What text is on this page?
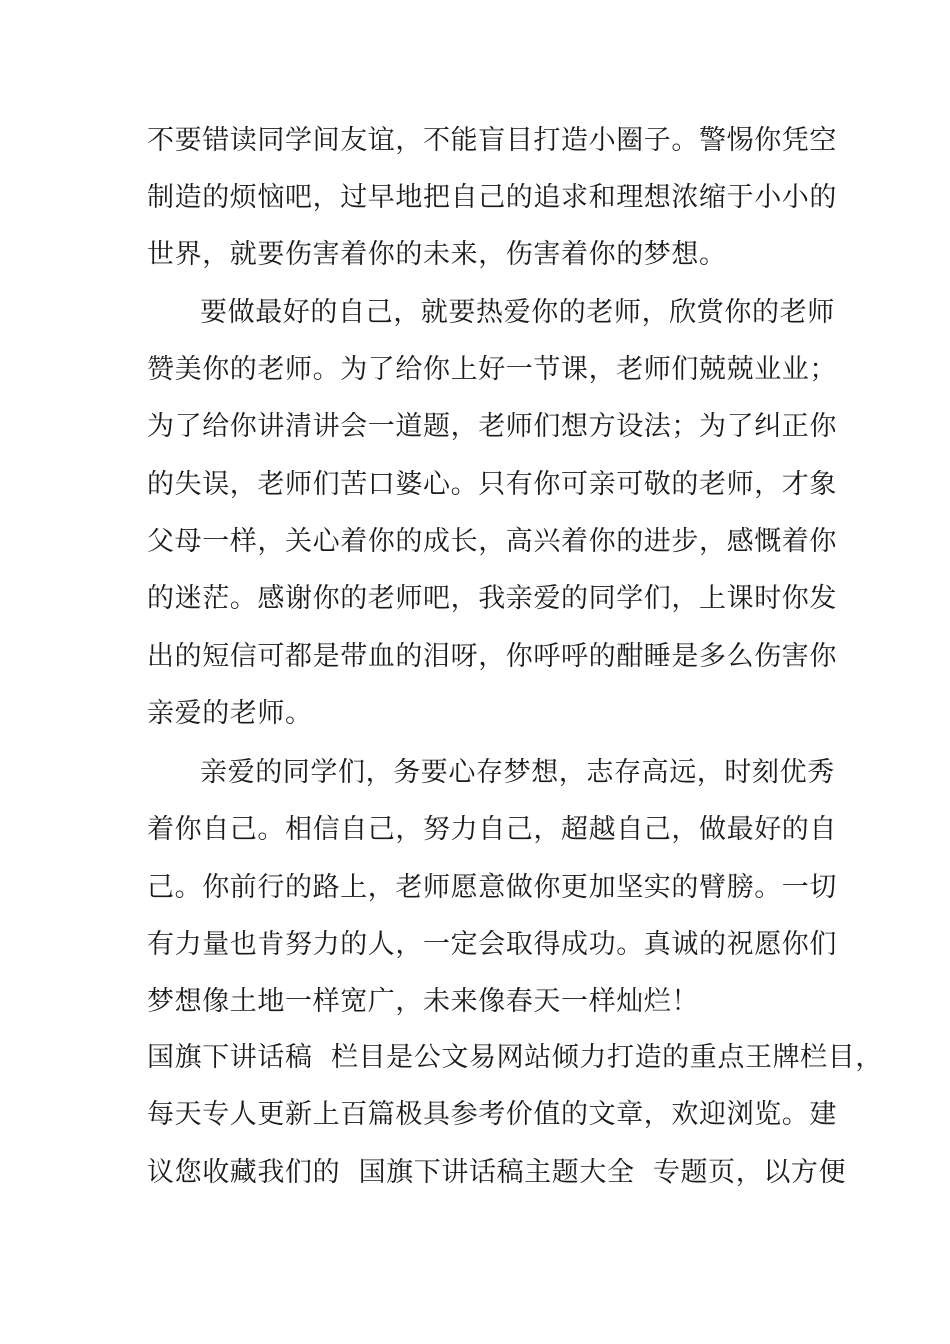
不要错读同学间友谊，不能盲目打造小圈子。警惕你凭空
制造的烦恼吧，过早地把自己的追求和理想浓缩于小小的
世界，就要伤害着你的未来，伤害着你的梦想。
要做最好的自己，就要热爱你的老师，欣赏你的老师
赞美你的老师。为了给你上好一节课，老师们兢兢业业；
为了给你讲清讲会一道题，老师们想方设法；为了纠正你
的失误，老师们苦口婆心。只有你可亲可敬的老师，才象
父母一样，关心着你的成长，高兴着你的进步，感慨着你
的迷茫。感谢你的老师吧，我亲爱的同学们，上课时你发
出的短信可都是带血的泪呀，你呼呼的酣睡是多么伤害你
亲爱的老师。
亲爱的同学们，务要心存梦想，志存高远，时刻优秀
着你自己。相信自己，努力自己，超越自己，做最好的自
己。你前行的路上，老师愿意做你更加坚实的臂膀。一切
有力量也肯努力的人，一定会取得成功。真诚的祝愿你们
梦想像土地一样宽广，未来像春天一样灿烂！
国旗下讲话稿  栏目是公文易网站倾力打造的重点王牌栏目，
每天专人更新上百篇极具参考价值的文章，欢迎浏览。建
议您收藏我们的  国旗下讲话稿主题大全  专题页，以方便
